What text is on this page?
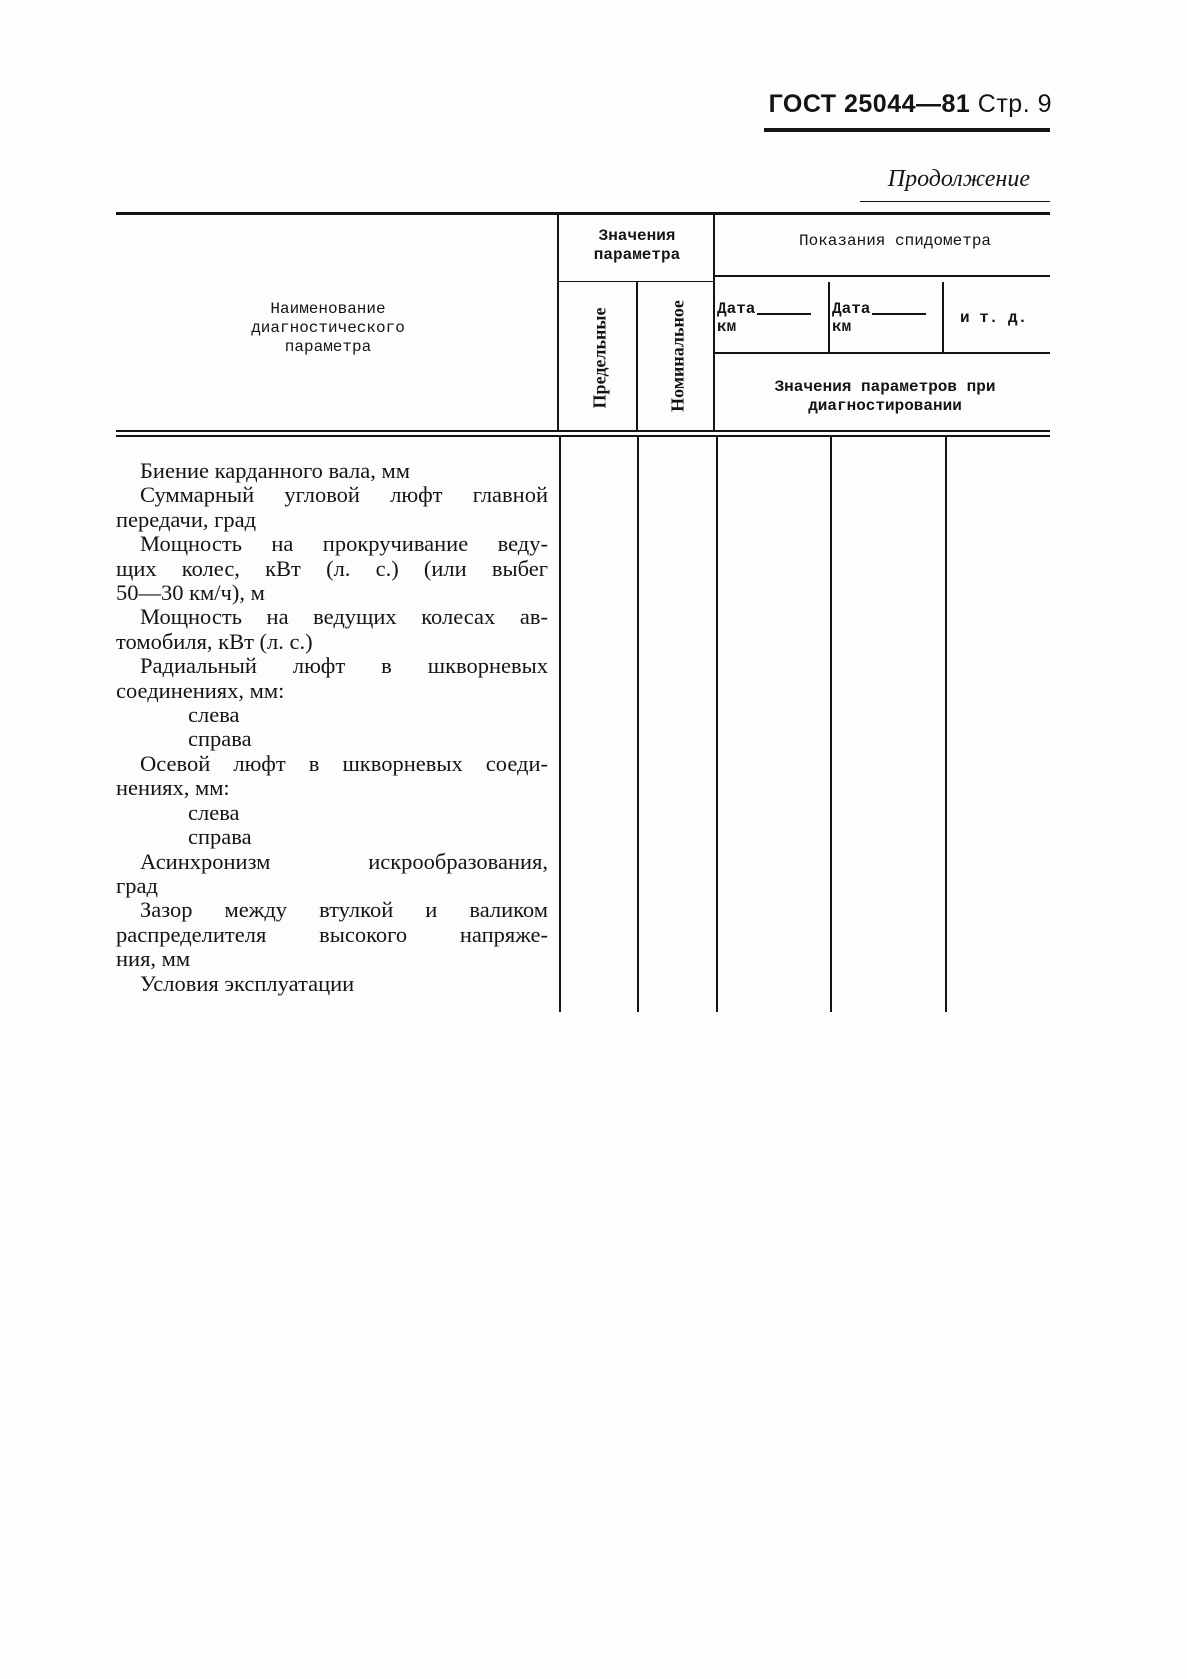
ГОСТ 25044—81 Стр. 9
Продолжение
Наименование диагностического параметра
Значения параметра
Предельные	Номинальное
Показания спидометра
Дата
км
Дата
км	и т. д.
Значения параметров при диагностировании
Биение карданного вала, мм
Суммарный угловой люфт главной
передачи, град
Мощность на прокручивание веду-
щих колес, кВт (л. с.) (или выбег
50—30 км/ч), м
Мощность на ведущих колесах ав-
томобиля, кВт (л. с.)
Радиальный люфт в шкворневых
соединениях, мм:
слева
справа
Осевой люфт в шкворневых соеди-
нениях, мм:
слева
справа
Асинхронизм искрообразования,
град
Зазор между втулкой и валиком
распределителя высокого напряже-
ния, мм
Условия эксплуатации
